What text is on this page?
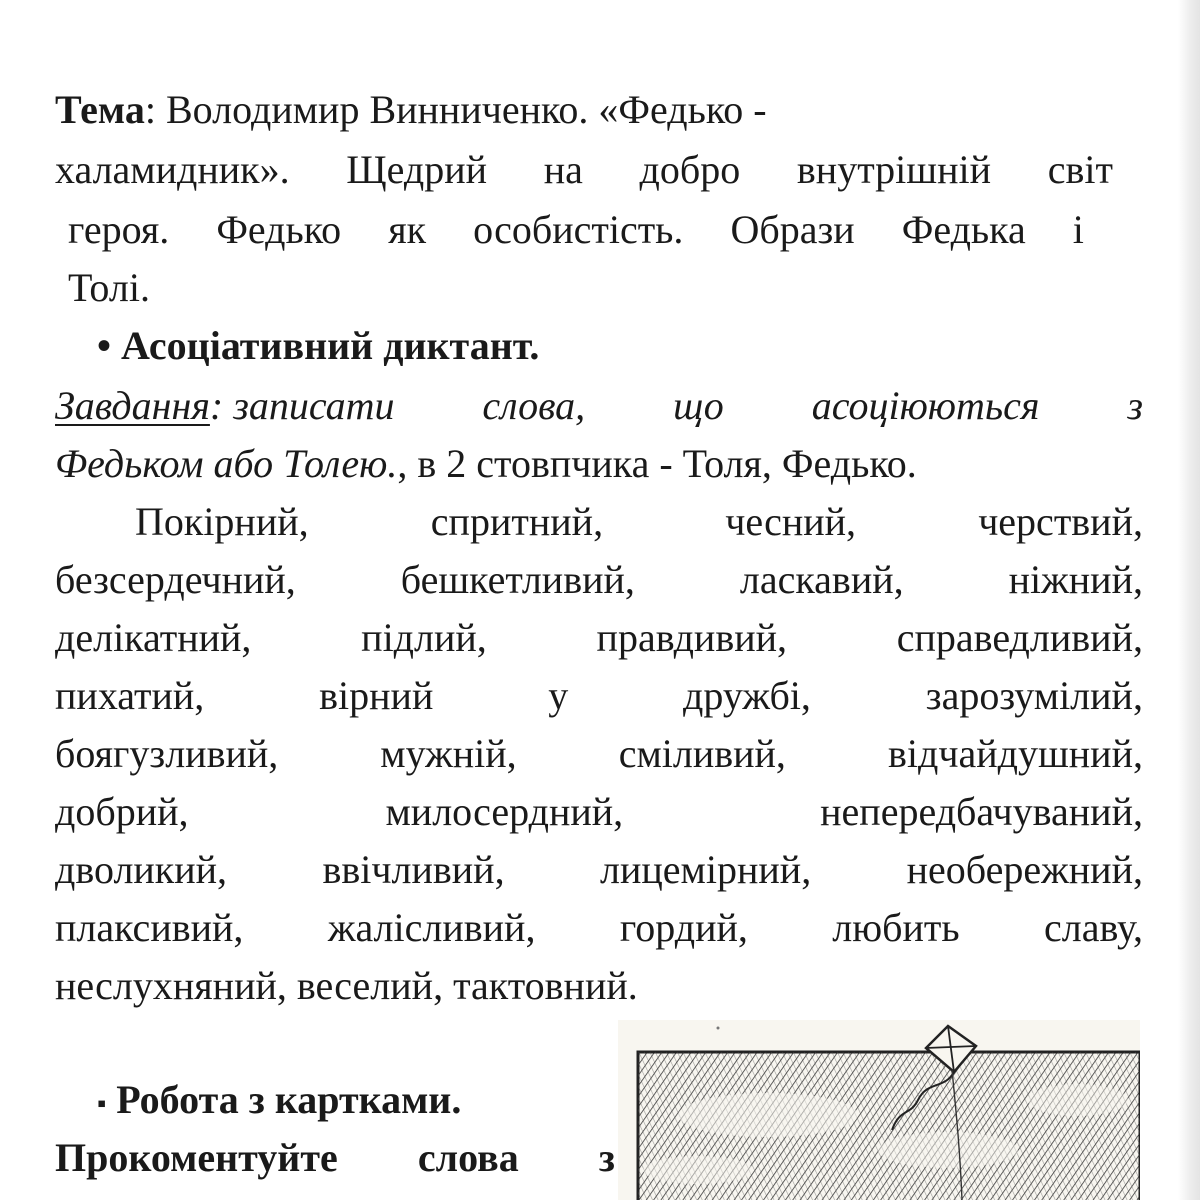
Тема: Володимир Винниченко. «Федько -
халамидник». Щедрий на добро внутрішній світ
героя. Федько як особистість. Образи Федька і
Толі.
• Асоціативний диктант.
Завдання: записати слова, що асоціюються з
Федьком або Толею., в 2 стовпчика - Толя, Федько.
Покірний,	спритний,	чесний,	черствий,
безсердечний,	бешкетливий,	ласкавий,	ніжний,
делікатний,	підлий,	правдивий,	справедливий,
пихатий,	вірний	у	дружбі,	зарозумілий,
боягузливий,	мужній,	сміливий,	відчайдушний,
добрий,	милосердний,	непередбачуваний,
дволикий, ввічливий, лицемірний, необережний,
плаксивий, жалісливий, гордий, любить славу,
неслухняний, веселий, тактовний.
▪ Робота з картками.
Прокоментуйте слова з
